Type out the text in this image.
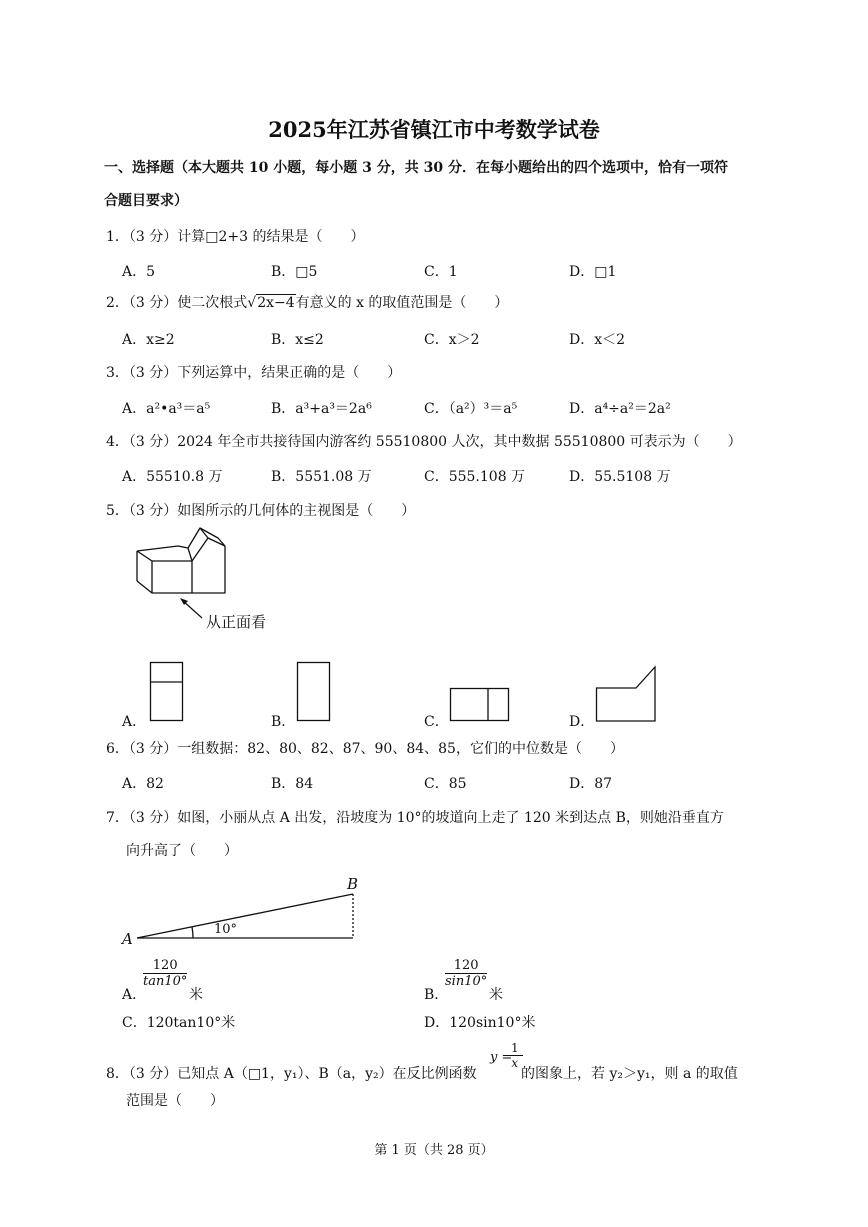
2025年江苏省镇江市中考数学试卷
一、选择题（本大题共 10 小题，每小题 3 分，共 30 分．在每小题给出的四个选项中，恰有一项符
合题目要求）
1．（3 分）计算□2+3 的结果是（　　）
A．5	B．□5	C．1	D．□1
2．（3 分）使二次根式√2x−4有意义的 x 的取值范围是（　　）
A．x≥2	B．x≤2	C．x＞2	D．x＜2
3．（3 分）下列运算中，结果正确的是（　　）
A．a²•a³＝a⁵	B．a³+a³＝2a⁶	C．（a²）³＝a⁵	D．a⁴÷a²＝2a²
4．（3 分）2024 年全市共接待国内游客约 55510800 人次，其中数据 55510800 可表示为（　　）
A．55510.8 万	B．5551.08 万	C．555.108 万	D．55.5108 万
5．（3 分）如图所示的几何体的主视图是（　　）
从正面看
A．	B．	C．	D．
6．（3 分）一组数据：82、80、82、87、90、84、85，它们的中位数是（　　）
A．82	B．84	C．85	D．87
7．（3 分）如图，小丽从点 A 出发，沿坡度为 10°的坡道向上走了 120 米到达点 B，则她沿垂直方
向升高了（　　）
A
B
10°
A．
$\frac{120}{\tan 10^\circ}$
米	B．
$\frac{120}{\sin 10^\circ}$
米
C．120tan10°米	D．120sin10°米
8．（3 分）已知点 A（□1，y₁）、B（a，y₂）在反比例函数
y =
$\frac{1}{x}$
的图象上，若 y₂＞y₁，则 a 的取值
范围是（　　）
第 1 页（共 28 页）
